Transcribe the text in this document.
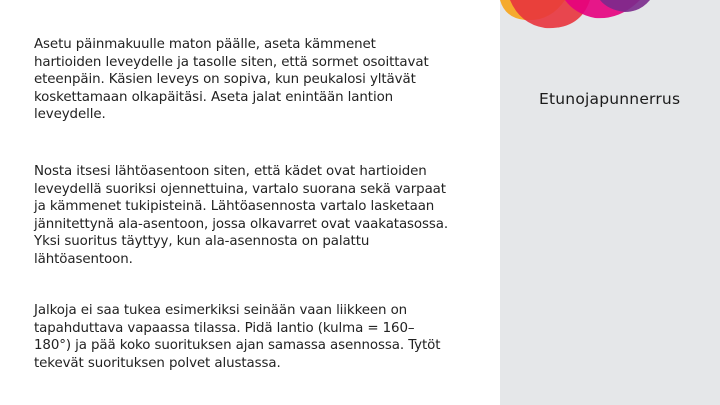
Etunojapunnerrus

Asetu päinmakuulle maton päälle, aseta kämmenet
hartioiden leveydelle ja tasolle siten, että sormet osoittavat
eteenpäin. Käsien leveys on sopiva, kun peukalosi yltävät
koskettamaan olkapäitäsi. Aseta jalat enintään lantion
leveydelle.

Nosta itsesi lähtöasentoon siten, että kädet ovat hartioiden
leveydellä suoriksi ojennettuina, vartalo suorana sekä varpaat
ja kämmenet tukipisteinä. Lähtöasennosta vartalo lasketaan
jännitettynä ala-asentoon, jossa olkavarret ovat vaakatasossa.
Yksi suoritus täyttyy, kun ala-asennosta on palattu
lähtöasentoon.

Jalkoja ei saa tukea esimerkiksi seinään vaan liikkeen on
tapahduttava vapaassa tilassa. Pidä lantio (kulma = 160–
180°) ja pää koko suorituksen ajan samassa asennossa. Tytöt
tekevät suorituksen polvet alustassa.
